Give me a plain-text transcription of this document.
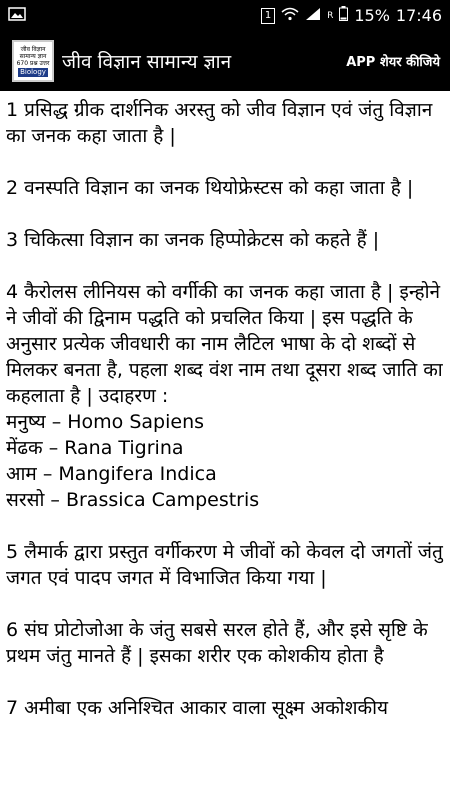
1	R 15% 17:46
जीव विज्ञान
सामान्य ज्ञान
670 प्रश्न उत्तर
Biology जीव विज्ञान सामान्य ज्ञान	APP शेयर कीजिये

1 प्रसिद्ध ग्रीक दार्शनिक अरस्तु को जीव विज्ञान एवं जंतु विज्ञान का जनक कहा जाता है |

2 वनस्पति विज्ञान का जनक थियोफ्रेस्टस को कहा जाता है |

3 चिकित्सा विज्ञान का जनक हिप्पोक्रेटस को कहते हैं |

4 कैरोलस लीनियस को वर्गीकी का जनक कहा जाता है | इन्होने ने जीवों की द्विनाम पद्धति को प्रचलित किया | इस पद्धति के अनुसार प्रत्येक जीवधारी का नाम लैटिल भाषा के दो शब्दों से मिलकर बनता है, पहला शब्द वंश नाम तथा दूसरा शब्द जाति का कहलाता है | उदाहरण :
मनुष्य – Homo Sapiens
मेंढक – Rana Tigrina
आम – Mangifera Indica
सरसो – Brassica Campestris

5 लैमार्क द्वारा प्रस्तुत वर्गीकरण मे जीवों को केवल दो जगतों जंतु जगत एवं पादप जगत में विभाजित किया गया |

6 संघ प्रोटोजोआ के जंतु सबसे सरल होते हैं, और इसे सृष्टि के प्रथम जंतु मानते हैं | इसका शरीर एक कोशकीय होता है

7 अमीबा एक अनिश्चित आकार वाला सूक्ष्म अकोशकीय
